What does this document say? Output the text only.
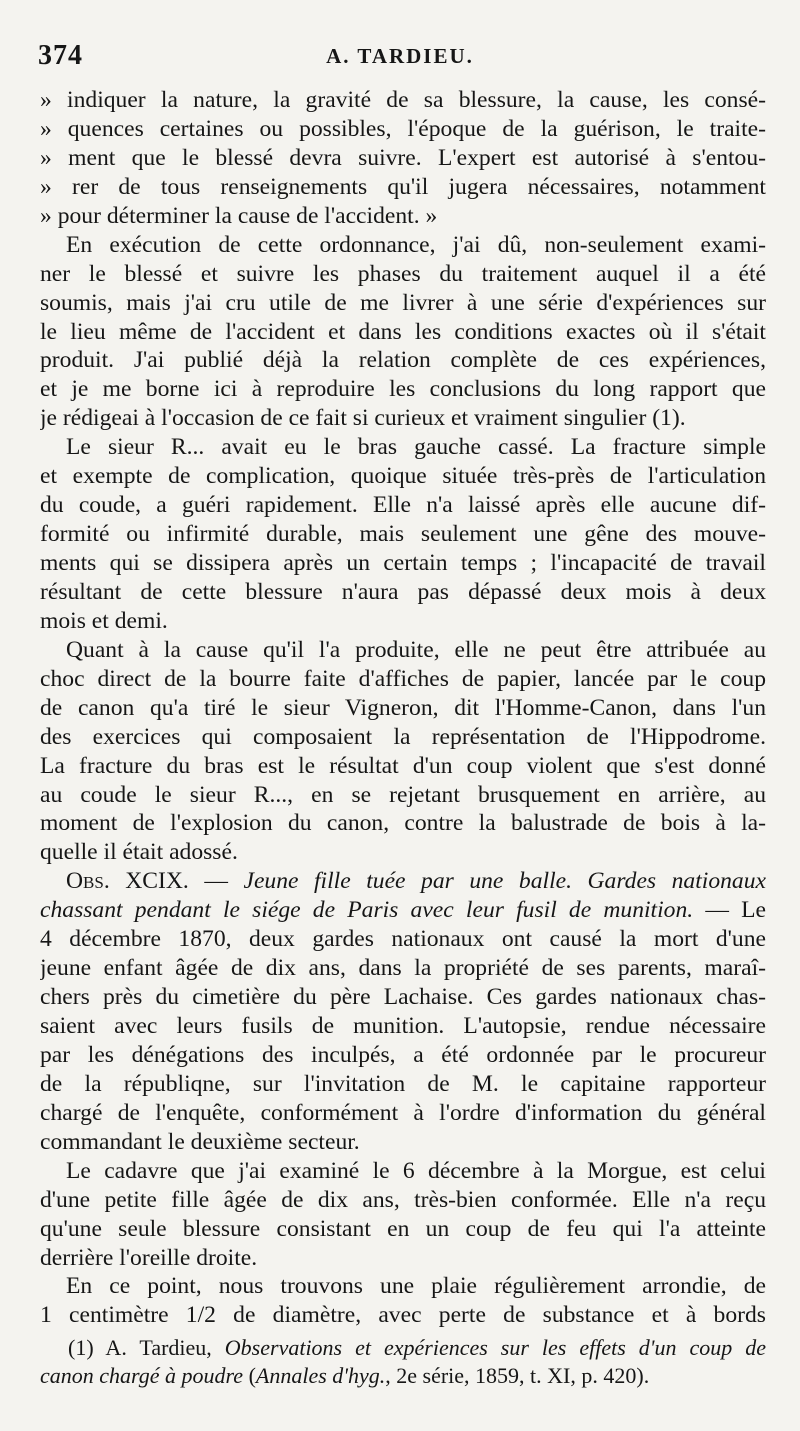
374	A. TARDIEU.
» indiquer la nature, la gravité de sa blessure, la cause, les consé-
» quences certaines ou possibles, l'époque de la guérison, le traite-
» ment que le blessé devra suivre. L'expert est autorisé à s'entou-
» rer de tous renseignements qu'il jugera nécessaires, notamment
» pour déterminer la cause de l'accident. »
En exécution de cette ordonnance, j'ai dû, non-seulement exami-
ner le blessé et suivre les phases du traitement auquel il a été
soumis, mais j'ai cru utile de me livrer à une série d'expériences sur
le lieu même de l'accident et dans les conditions exactes où il s'était
produit. J'ai publié déjà la relation complète de ces expériences,
et je me borne ici à reproduire les conclusions du long rapport que
je rédigeai à l'occasion de ce fait si curieux et vraiment singulier (1).
Le sieur R... avait eu le bras gauche cassé. La fracture simple
et exempte de complication, quoique située très-près de l'articulation
du coude, a guéri rapidement. Elle n'a laissé après elle aucune dif-
formité ou infirmité durable, mais seulement une gêne des mouve-
ments qui se dissipera après un certain temps ; l'incapacité de travail
résultant de cette blessure n'aura pas dépassé deux mois à deux
mois et demi.
Quant à la cause qu'il l'a produite, elle ne peut être attribuée au
choc direct de la bourre faite d'affiches de papier, lancée par le coup
de canon qu'a tiré le sieur Vigneron, dit l'Homme-Canon, dans l'un
des exercices qui composaient la représentation de l'Hippodrome.
La fracture du bras est le résultat d'un coup violent que s'est donné
au coude le sieur R..., en se rejetant brusquement en arrière, au
moment de l'explosion du canon, contre la balustrade de bois à la-
quelle il était adossé.
Obs. XCIX. — Jeune fille tuée par une balle. Gardes nationaux
chassant pendant le siége de Paris avec leur fusil de munition. — Le
4 décembre 1870, deux gardes nationaux ont causé la mort d'une
jeune enfant âgée de dix ans, dans la propriété de ses parents, maraî-
chers près du cimetière du père Lachaise. Ces gardes nationaux chas-
saient avec leurs fusils de munition. L'autopsie, rendue nécessaire
par les dénégations des inculpés, a été ordonnée par le procureur
de la républiqne, sur l'invitation de M. le capitaine rapporteur
chargé de l'enquête, conformément à l'ordre d'information du général
commandant le deuxième secteur.
Le cadavre que j'ai examiné le 6 décembre à la Morgue, est celui
d'une petite fille âgée de dix ans, très-bien conformée. Elle n'a reçu
qu'une seule blessure consistant en un coup de feu qui l'a atteinte
derrière l'oreille droite.
En ce point, nous trouvons une plaie régulièrement arrondie, de
1 centimètre 1/2 de diamètre, avec perte de substance et à bords
(1) A. Tardieu, Observations et expériences sur les effets d'un coup de
canon chargé à poudre (Annales d'hyg., 2e série, 1859, t. XI, p. 420).
